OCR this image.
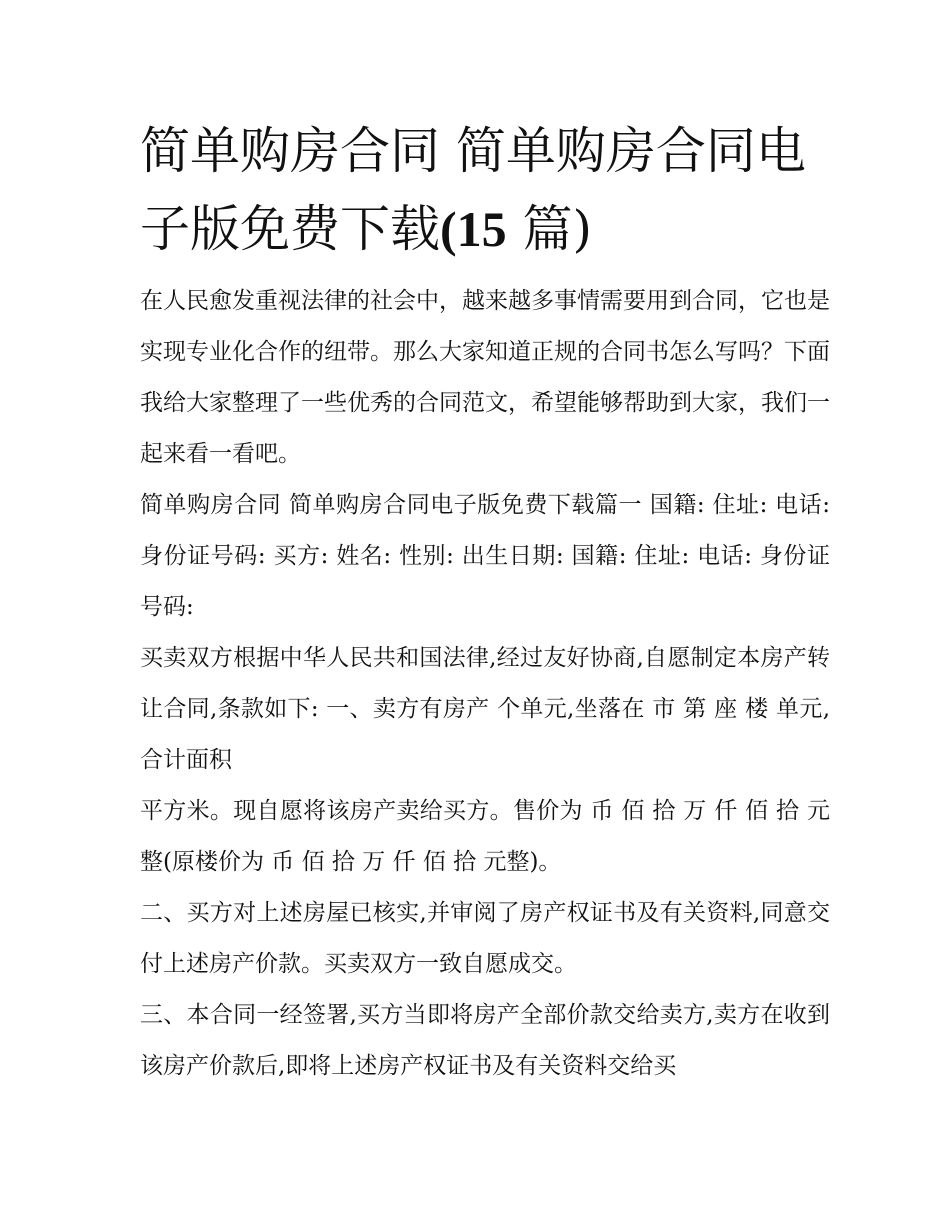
简单购房合同 简单购房合同电子版免费下载(15 篇)

在人民愈发重视法律的社会中，越来越多事情需要用到合同，它也是实现专业化合作的纽带。那么大家知道正规的合同书怎么写吗？下面我给大家整理了一些优秀的合同范文，希望能够帮助到大家，我们一起来看一看吧。

简单购房合同 简单购房合同电子版免费下载篇一 国籍: 住址: 电话: 身份证号码: 买方: 姓名: 性别: 出生日期: 国籍: 住址: 电话: 身份证号码:

买卖双方根据中华人民共和国法律,经过友好协商,自愿制定本房产转让合同,条款如下: 一、卖方有房产 个单元,坐落在 市 第 座 楼 单元,合计面积

平方米。现自愿将该房产卖给买方。售价为 币 佰 拾 万 仟 佰 拾 元整(原楼价为 币 佰 拾 万 仟 佰 拾 元整)。

二、买方对上述房屋已核实,并审阅了房产权证书及有关资料,同意交付上述房产价款。买卖双方一致自愿成交。

三、本合同一经签署,买方当即将房产全部价款交给卖方,卖方在收到该房产价款后,即将上述房产权证书及有关资料交给买
